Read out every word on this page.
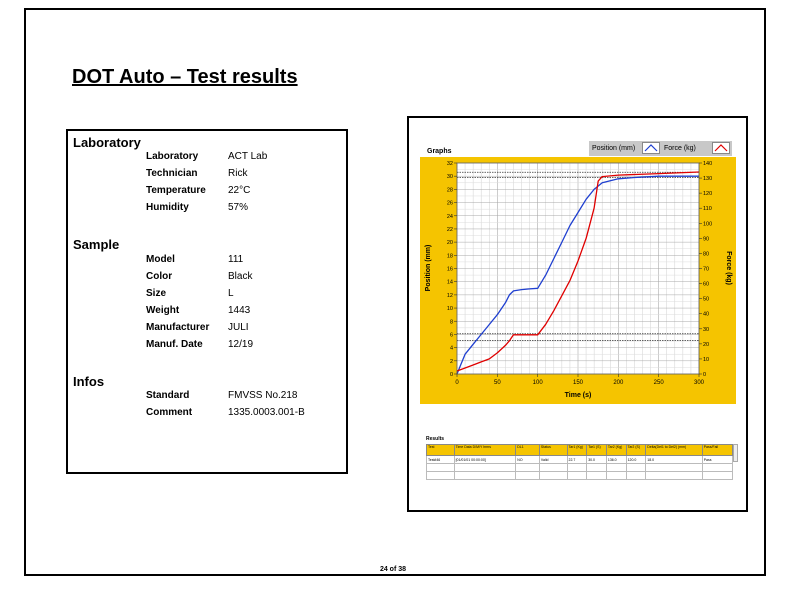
DOT Auto – Test results
Laboratory
Laboratory	ACT Lab
Technician	Rick
Temperature	22°C
Humidity	57%
Sample
Model	111
Color	Black
Size	L
Weight	1443
Manufacturer	JULI
Manuf. Date	12/19
Infos
Standard	FMVSS No.218
Comment	1335.0003.001-B
Graphs	Position (mm)	Force (kg)
0	50	100	150	200	250	300
0
2
4
6
8
10
12
14
16
18
20
22
24
26
28
30
32
0
10
20
30
40
50
60
70
80
90
100
110
120
130
140
Time (s)
Position (mm)	Force (kg)
Results
Test	Time Data D/M/Y hrms	DL1	Status	Tar1 (Kg)	Tar1 (S)	Tar2 (Kg)	Tar2 (S)	Delta(Del1 to Del2) (mm)	Pass/Fail
Test#46	[01/01/01 00:00:00]	NO	Valid	22.7	30.0	136.0	120.0	18.0	Pass

24 of 38
